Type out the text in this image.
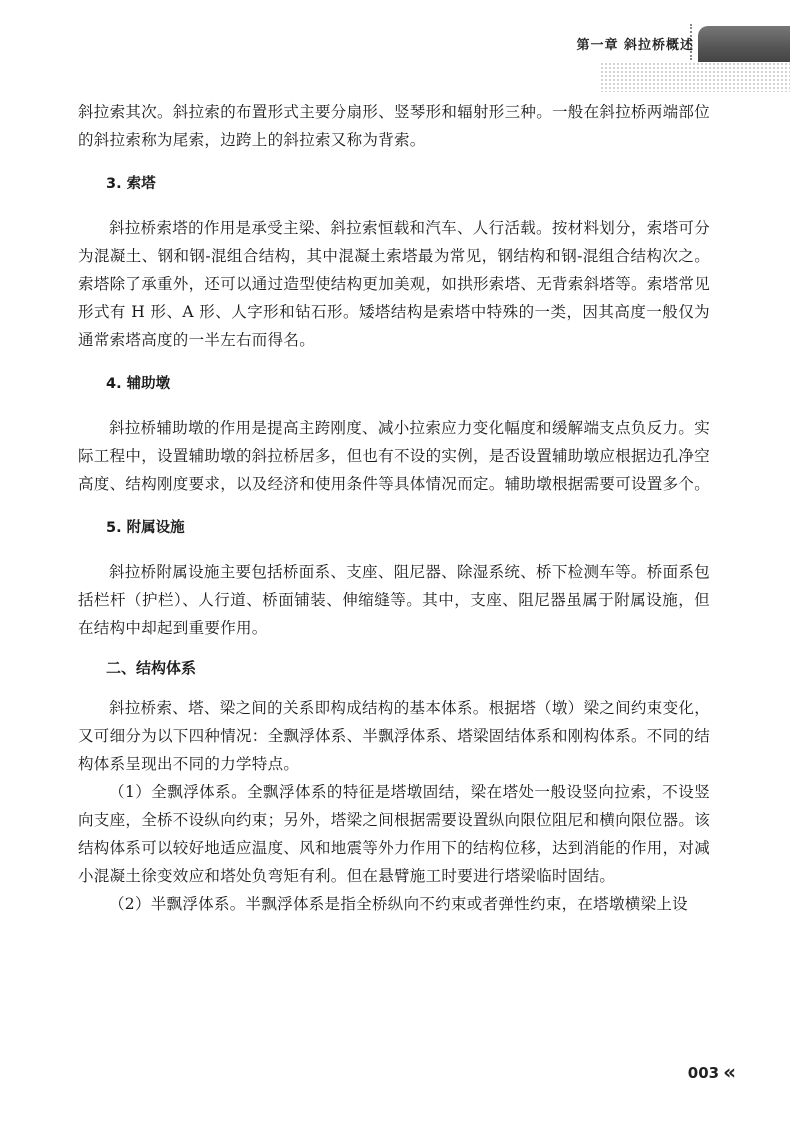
第一章 斜拉桥概述

斜拉索其次。斜拉索的布置形式主要分扇形、竖琴形和辐射形三种。一般在斜拉桥两端部位的斜拉索称为尾索，边跨上的斜拉索又称为背索。

3. 索塔

斜拉桥索塔的作用是承受主梁、斜拉索恒载和汽车、人行活载。按材料划分，索塔可分为混凝土、钢和钢-混组合结构，其中混凝土索塔最为常见，钢结构和钢-混组合结构次之。索塔除了承重外，还可以通过造型使结构更加美观，如拱形索塔、无背索斜塔等。索塔常见形式有 H 形、A 形、人字形和钻石形。矮塔结构是索塔中特殊的一类，因其高度一般仅为通常索塔高度的一半左右而得名。

4. 辅助墩

斜拉桥辅助墩的作用是提高主跨刚度、减小拉索应力变化幅度和缓解端支点负反力。实际工程中，设置辅助墩的斜拉桥居多，但也有不设的实例，是否设置辅助墩应根据边孔净空高度、结构刚度要求，以及经济和使用条件等具体情况而定。辅助墩根据需要可设置多个。

5. 附属设施

斜拉桥附属设施主要包括桥面系、支座、阻尼器、除湿系统、桥下检测车等。桥面系包括栏杆（护栏）、人行道、桥面铺装、伸缩缝等。其中，支座、阻尼器虽属于附属设施，但在结构中却起到重要作用。

二、结构体系

斜拉桥索、塔、梁之间的关系即构成结构的基本体系。根据塔（墩）梁之间约束变化，又可细分为以下四种情况：全飘浮体系、半飘浮体系、塔梁固结体系和刚构体系。不同的结构体系呈现出不同的力学特点。

（1）全飘浮体系。全飘浮体系的特征是塔墩固结，梁在塔处一般设竖向拉索，不设竖向支座，全桥不设纵向约束；另外，塔梁之间根据需要设置纵向限位阻尼和横向限位器。该结构体系可以较好地适应温度、风和地震等外力作用下的结构位移，达到消能的作用，对减小混凝土徐变效应和塔处负弯矩有利。但在悬臂施工时要进行塔梁临时固结。

（2）半飘浮体系。半飘浮体系是指全桥纵向不约束或者弹性约束，在塔墩横梁上设

003 «
